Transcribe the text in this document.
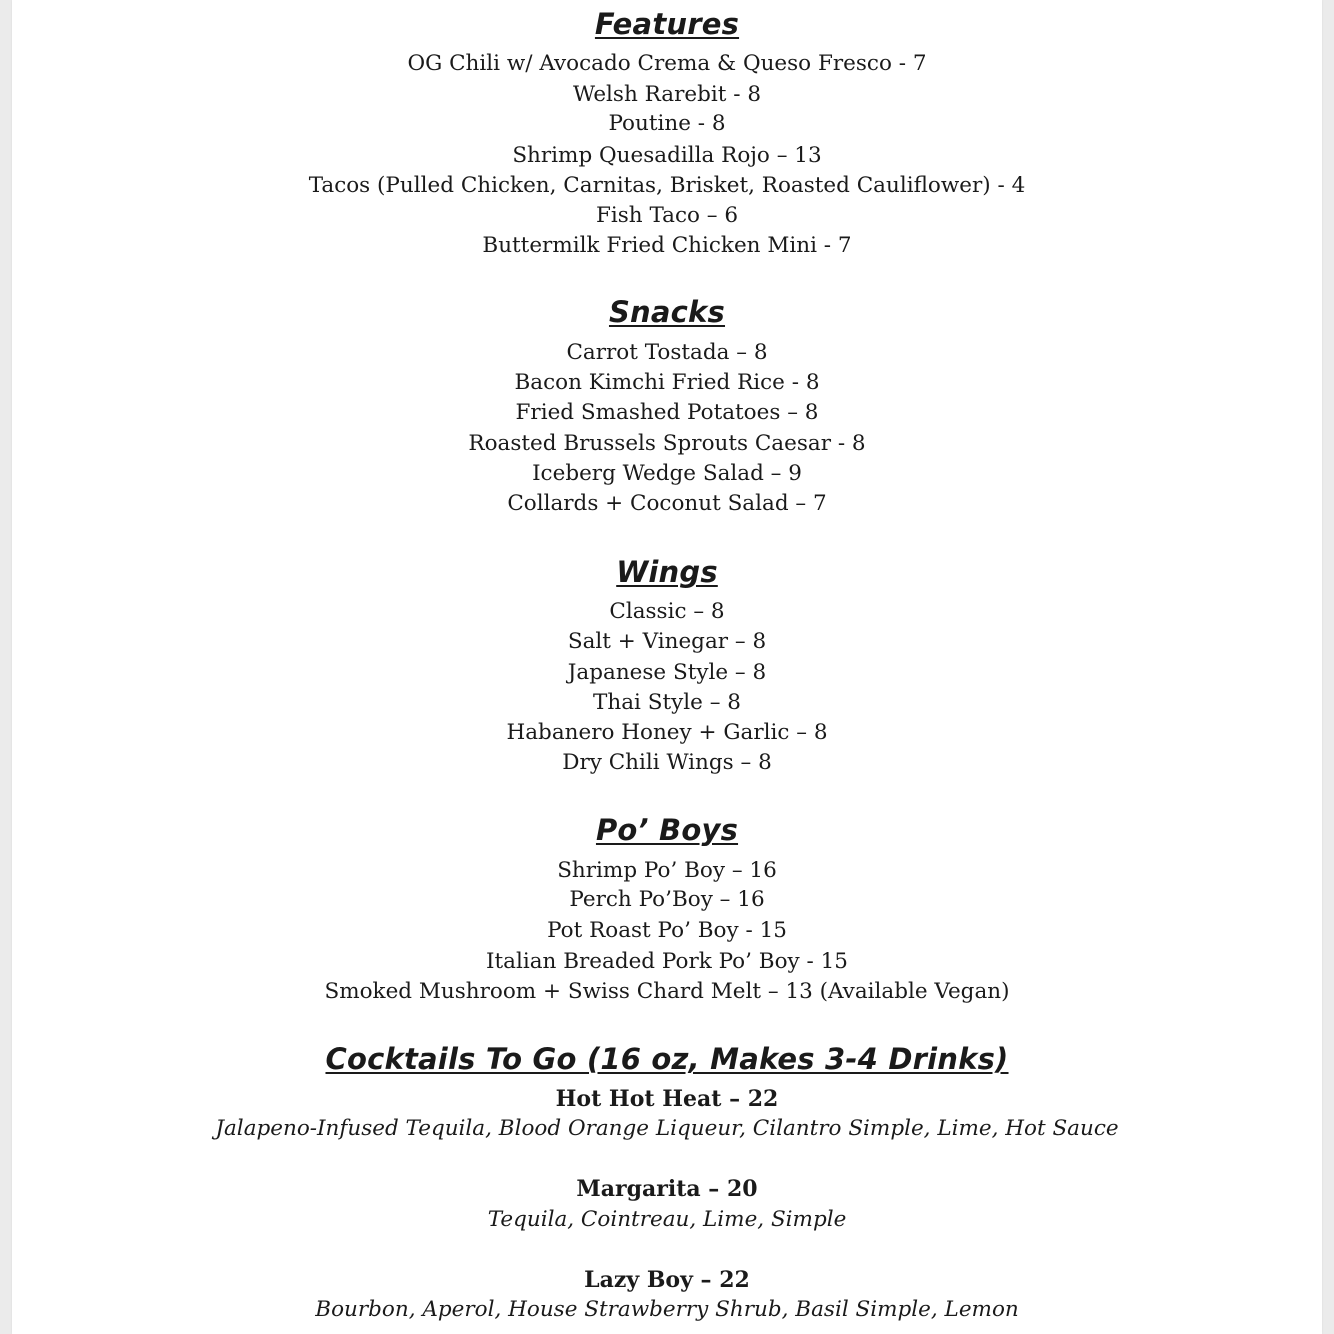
Features
OG Chili w/ Avocado Crema & Queso Fresco - 7
Welsh Rarebit - 8
Poutine - 8
Shrimp Quesadilla Rojo – 13
Tacos (Pulled Chicken, Carnitas, Brisket, Roasted Cauliflower) - 4
Fish Taco – 6
Buttermilk Fried Chicken Mini - 7
Snacks
Carrot Tostada – 8
Bacon Kimchi Fried Rice - 8
Fried Smashed Potatoes – 8
Roasted Brussels Sprouts Caesar - 8
Iceberg Wedge Salad – 9
Collards + Coconut Salad – 7
Wings
Classic – 8
Salt + Vinegar – 8
Japanese Style – 8
Thai Style – 8
Habanero Honey + Garlic – 8
Dry Chili Wings – 8
Po’ Boys
Shrimp Po’ Boy – 16
Perch Po’Boy – 16
Pot Roast Po’ Boy - 15
Italian Breaded Pork Po’ Boy - 15
Smoked Mushroom + Swiss Chard Melt – 13 (Available Vegan)
Cocktails To Go (16 oz, Makes 3-4 Drinks)
Hot Hot Heat – 22
Jalapeno-Infused Tequila, Blood Orange Liqueur, Cilantro Simple, Lime, Hot Sauce
Margarita – 20
Tequila, Cointreau, Lime, Simple
Lazy Boy – 22
Bourbon, Aperol, House Strawberry Shrub, Basil Simple, Lemon
